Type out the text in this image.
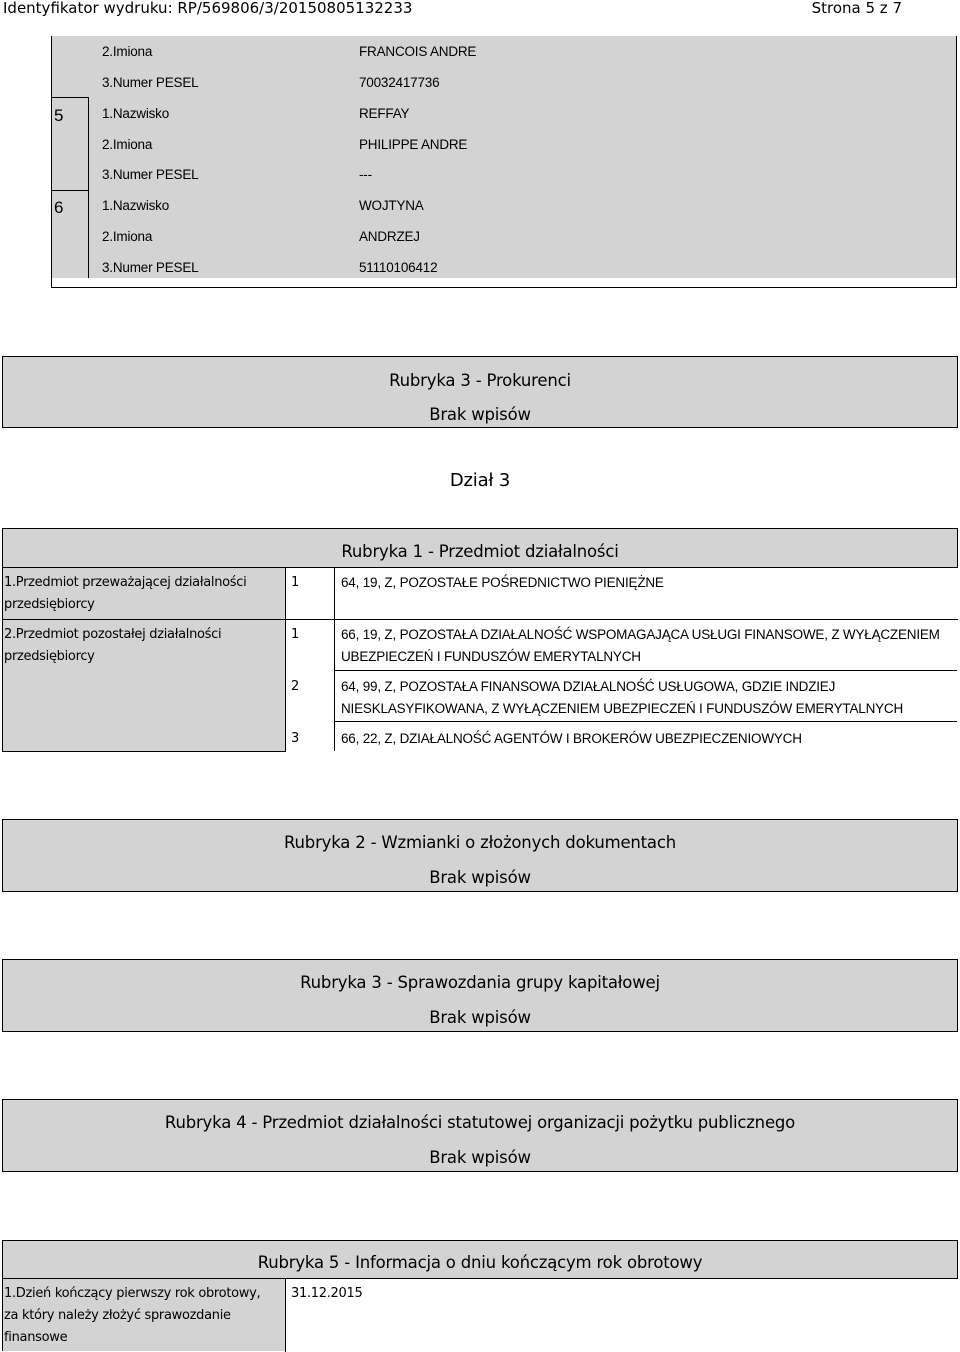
Identyfikator wydruku: RP/569806/3/20150805132233	Strona 5 z 7
2.Imiona	FRANCOIS ANDRE
3.Numer PESEL	70032417736
5	1.Nazwisko	REFFAY
2.Imiona	PHILIPPE ANDRE
3.Numer PESEL	---
6	1.Nazwisko	WOJTYNA
2.Imiona	ANDRZEJ
3.Numer PESEL	51110106412
Rubryka 3 - Prokurenci
Brak wpisów
Dział 3
Rubryka 1 - Przedmiot działalności
1.Przedmiot przeważającej działalności
przedsiębiorcy
1	64, 19, Z, POZOSTAŁE POŚREDNICTWO PIENIĘŻNE
2.Przedmiot pozostałej działalności
przedsiębiorcy
1	66, 19, Z, POZOSTAŁA DZIAŁALNOŚĆ WSPOMAGAJĄCA USŁUGI FINANSOWE, Z WYŁĄCZENIEM
UBEZPIECZEŃ I FUNDUSZÓW EMERYTALNYCH
2	64, 99, Z, POZOSTAŁA FINANSOWA DZIAŁALNOŚĆ USŁUGOWA, GDZIE INDZIEJ
NIESKLASYFIKOWANA, Z WYŁĄCZENIEM UBEZPIECZEŃ I FUNDUSZÓW EMERYTALNYCH
3	66, 22, Z, DZIAŁALNOŚĆ AGENTÓW I BROKERÓW UBEZPIECZENIOWYCH
Rubryka 2 - Wzmianki o złożonych dokumentach
Brak wpisów
Rubryka 3 - Sprawozdania grupy kapitałowej
Brak wpisów
Rubryka 4 - Przedmiot działalności statutowej organizacji pożytku publicznego
Brak wpisów
Rubryka 5 - Informacja o dniu kończącym rok obrotowy
1.Dzień kończący pierwszy rok obrotowy,
za który należy złożyć sprawozdanie
finansowe
31.12.2015
